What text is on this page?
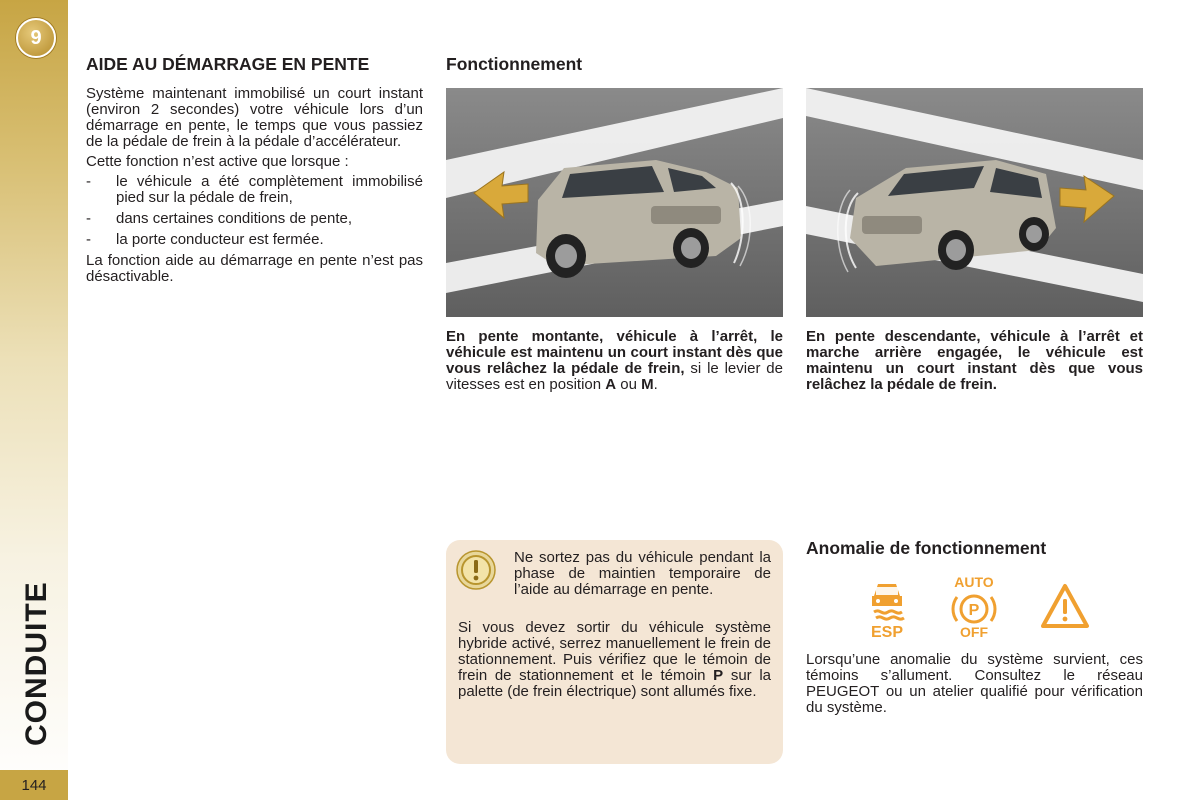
9
CONDUITE
144
AIDE AU DÉMARRAGE EN PENTE

Système maintenant immobilisé un court instant (environ 2 secondes) votre véhicule lors d’un démarrage en pente, le temps que vous passiez de la pédale de frein à la pédale d’accélérateur.

Cette fonction n’est active que lorsque :

- le véhicule a été complètement immobilisé pied sur la pédale de frein,
- dans certaines conditions de pente,
- la porte conducteur est fermée.

La fonction aide au démarrage en pente n’est pas désactivable.

Fonctionnement
En pente montante, véhicule à l’arrêt, le véhicule est maintenu un court instant dès que vous relâchez la pédale de frein, si le levier de vitesses est en position A ou M.
En pente descendante, véhicule à l’arrêt et marche arrière engagée, le véhicule est maintenu un court instant dès que vous relâchez la pédale de frein.

Ne sortez pas du véhicule pendant la phase de maintien temporaire de l’aide au démarrage en pente.

Si vous devez sortir du véhicule système hybride activé, serrez manuellement le frein de stationnement. Puis vérifiez que le témoin de frein de stationnement et le témoin P sur la palette (de frein électrique) sont allumés fixe.

Anomalie de fonctionnement
ESP
AUTO
P
OFF

Lorsqu’une anomalie du système survient, ces témoins s’allument. Consultez le réseau PEUGEOT ou un atelier qualifié pour vérification du système.
